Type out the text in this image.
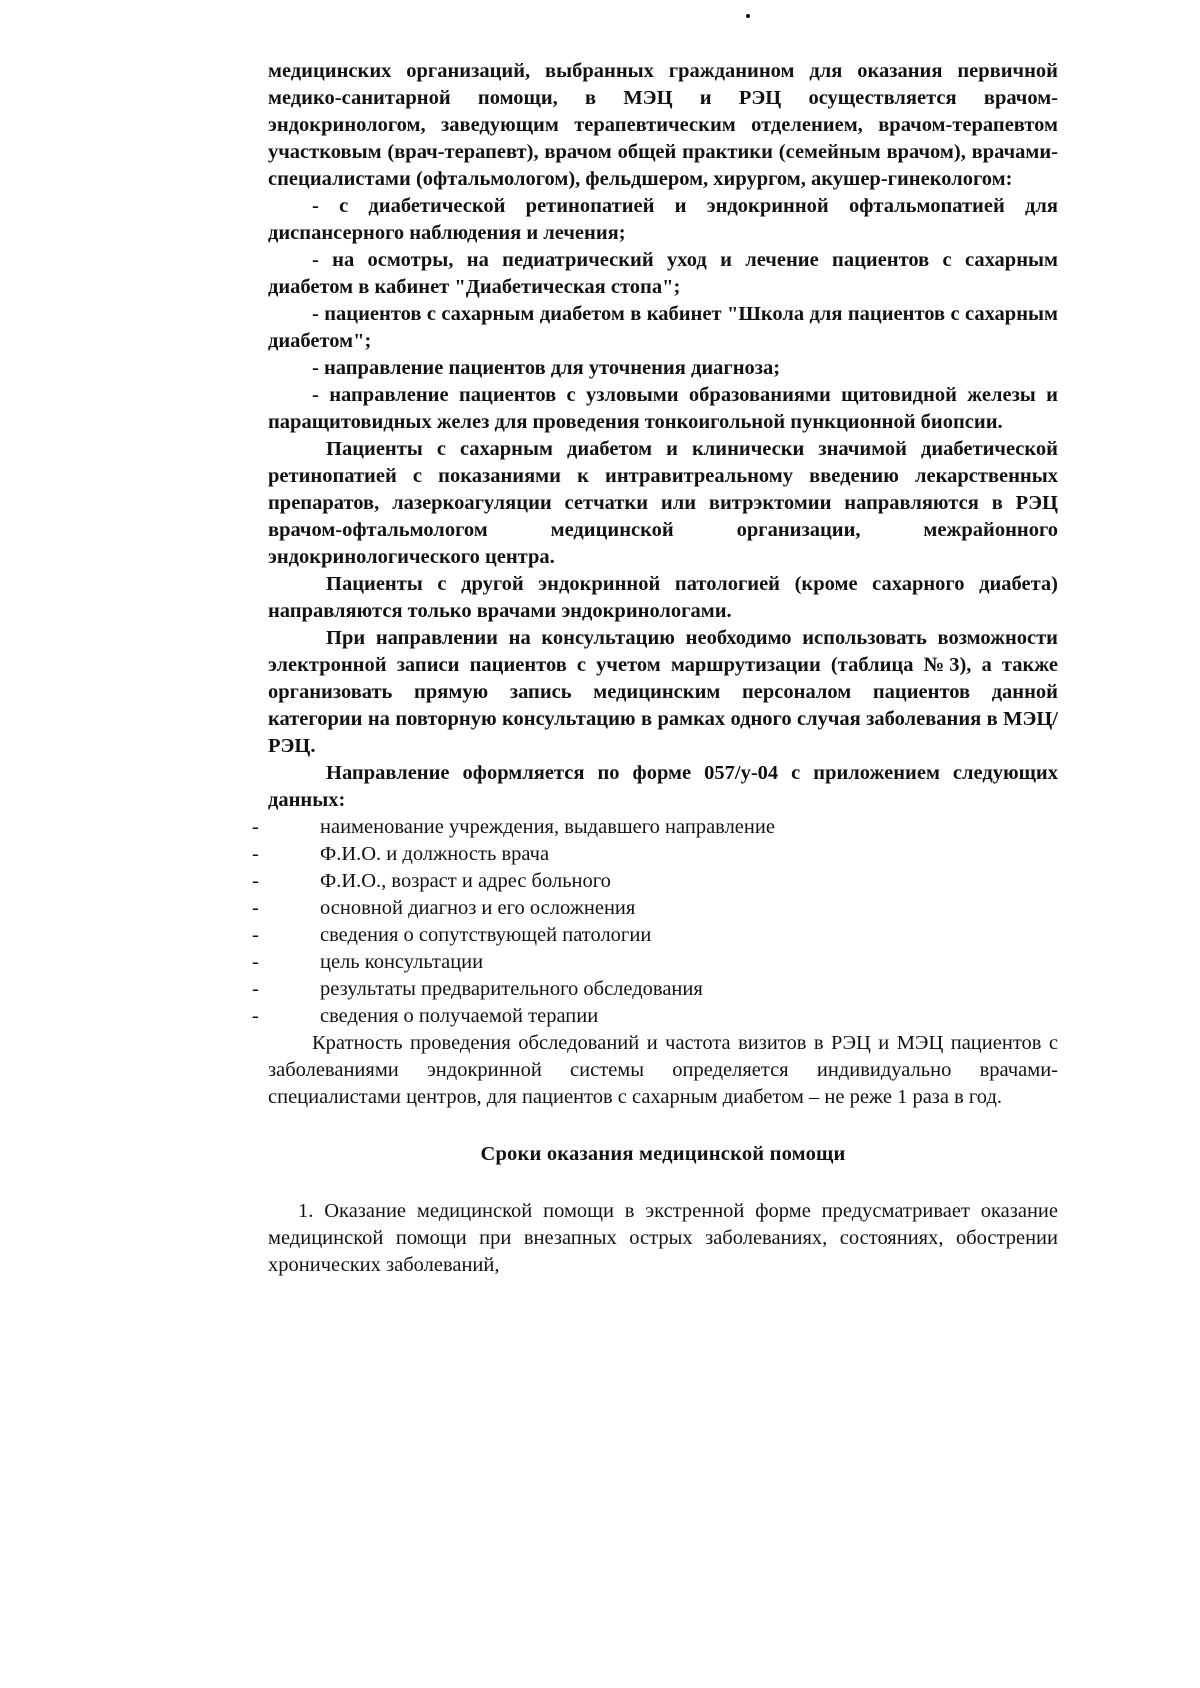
медицинских организаций, выбранных гражданином для оказания первичной медико-санитарной помощи, в МЭЦ и РЭЦ осуществляется врачом-эндокринологом, заведующим терапевтическим отделением, врачом-терапевтом участковым (врач-терапевт), врачом общей практики (семейным врачом), врачами-специалистами (офтальмологом), фельдшером, хирургом, акушер-гинекологом:

- с диабетической ретинопатией и эндокринной офтальмопатией для диспансерного наблюдения и лечения;

- на осмотры, на педиатрический уход и лечение пациентов с сахарным диабетом в кабинет "Диабетическая стопа";

- пациентов с сахарным диабетом в кабинет "Школа для пациентов с сахарным диабетом";

- направление пациентов для уточнения диагноза;

- направление пациентов с узловыми образованиями щитовидной железы и паращитовидных желез для проведения тонкоигольной пункционной биопсии.

Пациенты с сахарным диабетом и клинически значимой диабетической ретинопатией с показаниями к интравитреальному введению лекарственных препаратов, лазеркоагуляции сетчатки или витрэктомии направляются в РЭЦ врачом-офтальмологом медицинской организации, межрайонного эндокринологического центра.

Пациенты с другой эндокринной патологией (кроме сахарного диабета) направляются только врачами эндокринологами.

При направлении на консультацию необходимо использовать возможности электронной записи пациентов с учетом маршрутизации (таблица №3), а также организовать прямую запись медицинским персоналом пациентов данной категории на повторную консультацию в рамках одного случая заболевания в МЭЦ/РЭЦ.

Направление оформляется по форме 057/у-04 с приложением следующих данных:

-	наименование учреждения, выдавшего направление
-	Ф.И.О. и должность врача
-	Ф.И.О., возраст и адрес больного
-	основной диагноз и его осложнения
-	сведения о сопутствующей патологии
-	цель консультации
-	результаты предварительного обследования
-	сведения о получаемой терапии

Кратность проведения обследований и частота визитов в РЭЦ и МЭЦ пациентов с заболеваниями эндокринной системы определяется индивидуально врачами- специалистами центров, для пациентов с сахарным диабетом – не реже 1 раза в год.

Сроки оказания медицинской помощи

1. Оказание медицинской помощи в экстренной форме предусматривает оказание медицинской помощи при внезапных острых заболеваниях, состояниях, обострении хронических заболеваний,
